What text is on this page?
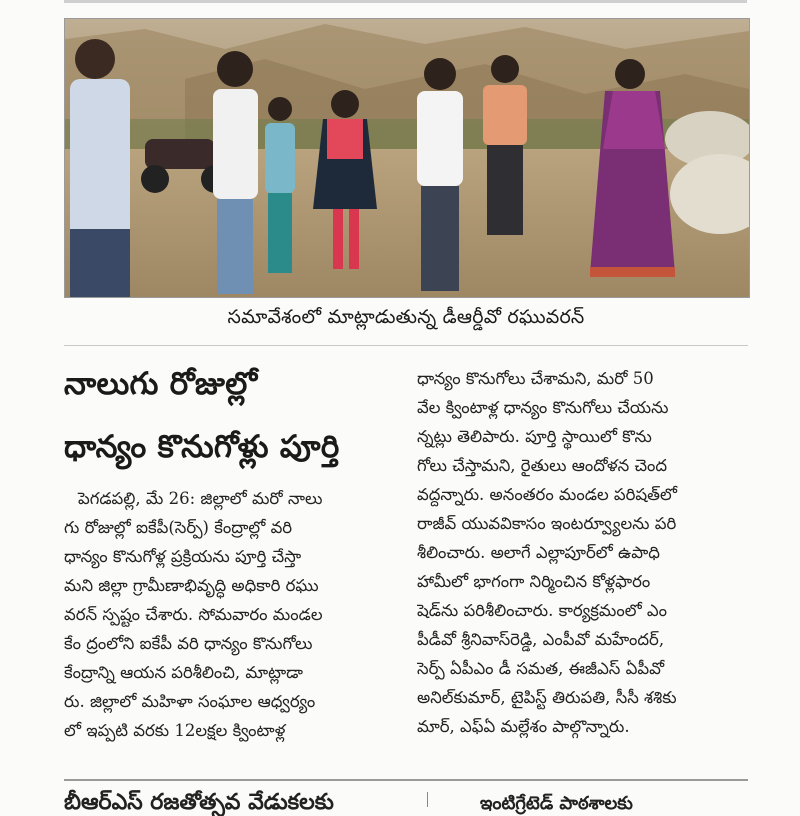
సమావేశంలో మాట్లాడుతున్న డీఆర్డీవో రఘువరన్
నాలుగు రోజుల్లో
ధాన్యం కొనుగోళ్లు పూర్తి

పెగడపల్లి, మే 26: జిల్లాలో మరో నాలు

గు రోజుల్లో ఐకేపీ(సెర్ప్) కేంద్రాల్లో వరి

ధాన్యం కొనుగోళ్ల ప్రక్రియను పూర్తి చేస్తా

మని జిల్లా గ్రామీణాభివృద్ధి అధికారి రఘు

వరన్ స్పష్టం చేశారు. సోమవారం మండల

కేం ద్రంలోని ఐకేపీ వరి ధాన్యం కొనుగోలు

కేంద్రాన్ని ఆయన పరిశీలించి, మాట్లాడా

రు. జిల్లాలో మహిళా సంఘాల ఆధ్వర్యం

లో ఇప్పటి వరకు 12లక్షల క్వింటాళ్ల

ధాన్యం కొనుగోలు చేశామని, మరో 50

వేల క్వింటాళ్ల ధాన్యం కొనుగోలు చేయను

న్నట్లు తెలిపారు. పూర్తి స్థాయిలో కొను

గోలు చేస్తామని, రైతులు ఆందోళన చెంద

వద్దన్నారు. అనంతరం మండల పరిషత్‌లో

రాజీవ్ యువవికాసం ఇంటర్వ్యూలను పరి

శీలించారు. అలాగే ఎల్లాపూర్‌లో ఉపాధి

హామీలో భాగంగా నిర్మించిన కోళ్లఫారం

షెడ్‌ను పరిశీలించారు. కార్యక్రమంలో ఎం

పీడీవో శ్రీనివాస్‌రెడ్డి, ఎంపీవో మహేందర్,

సెర్ప్ ఏపీఎం డీ సమత, ఈజీఎస్ ఏపీవో

అనిల్‌కుమార్, టైపిస్ట్ తిరుపతి, సీసీ శశికు

మార్, ఎఫ్ఏ మల్లేశం పాల్గొన్నారు.

బీఆర్ఎస్ రజతోత్సవ వేడుకలకు	ఇంటిగ్రేటెడ్ పాఠశాలకు
